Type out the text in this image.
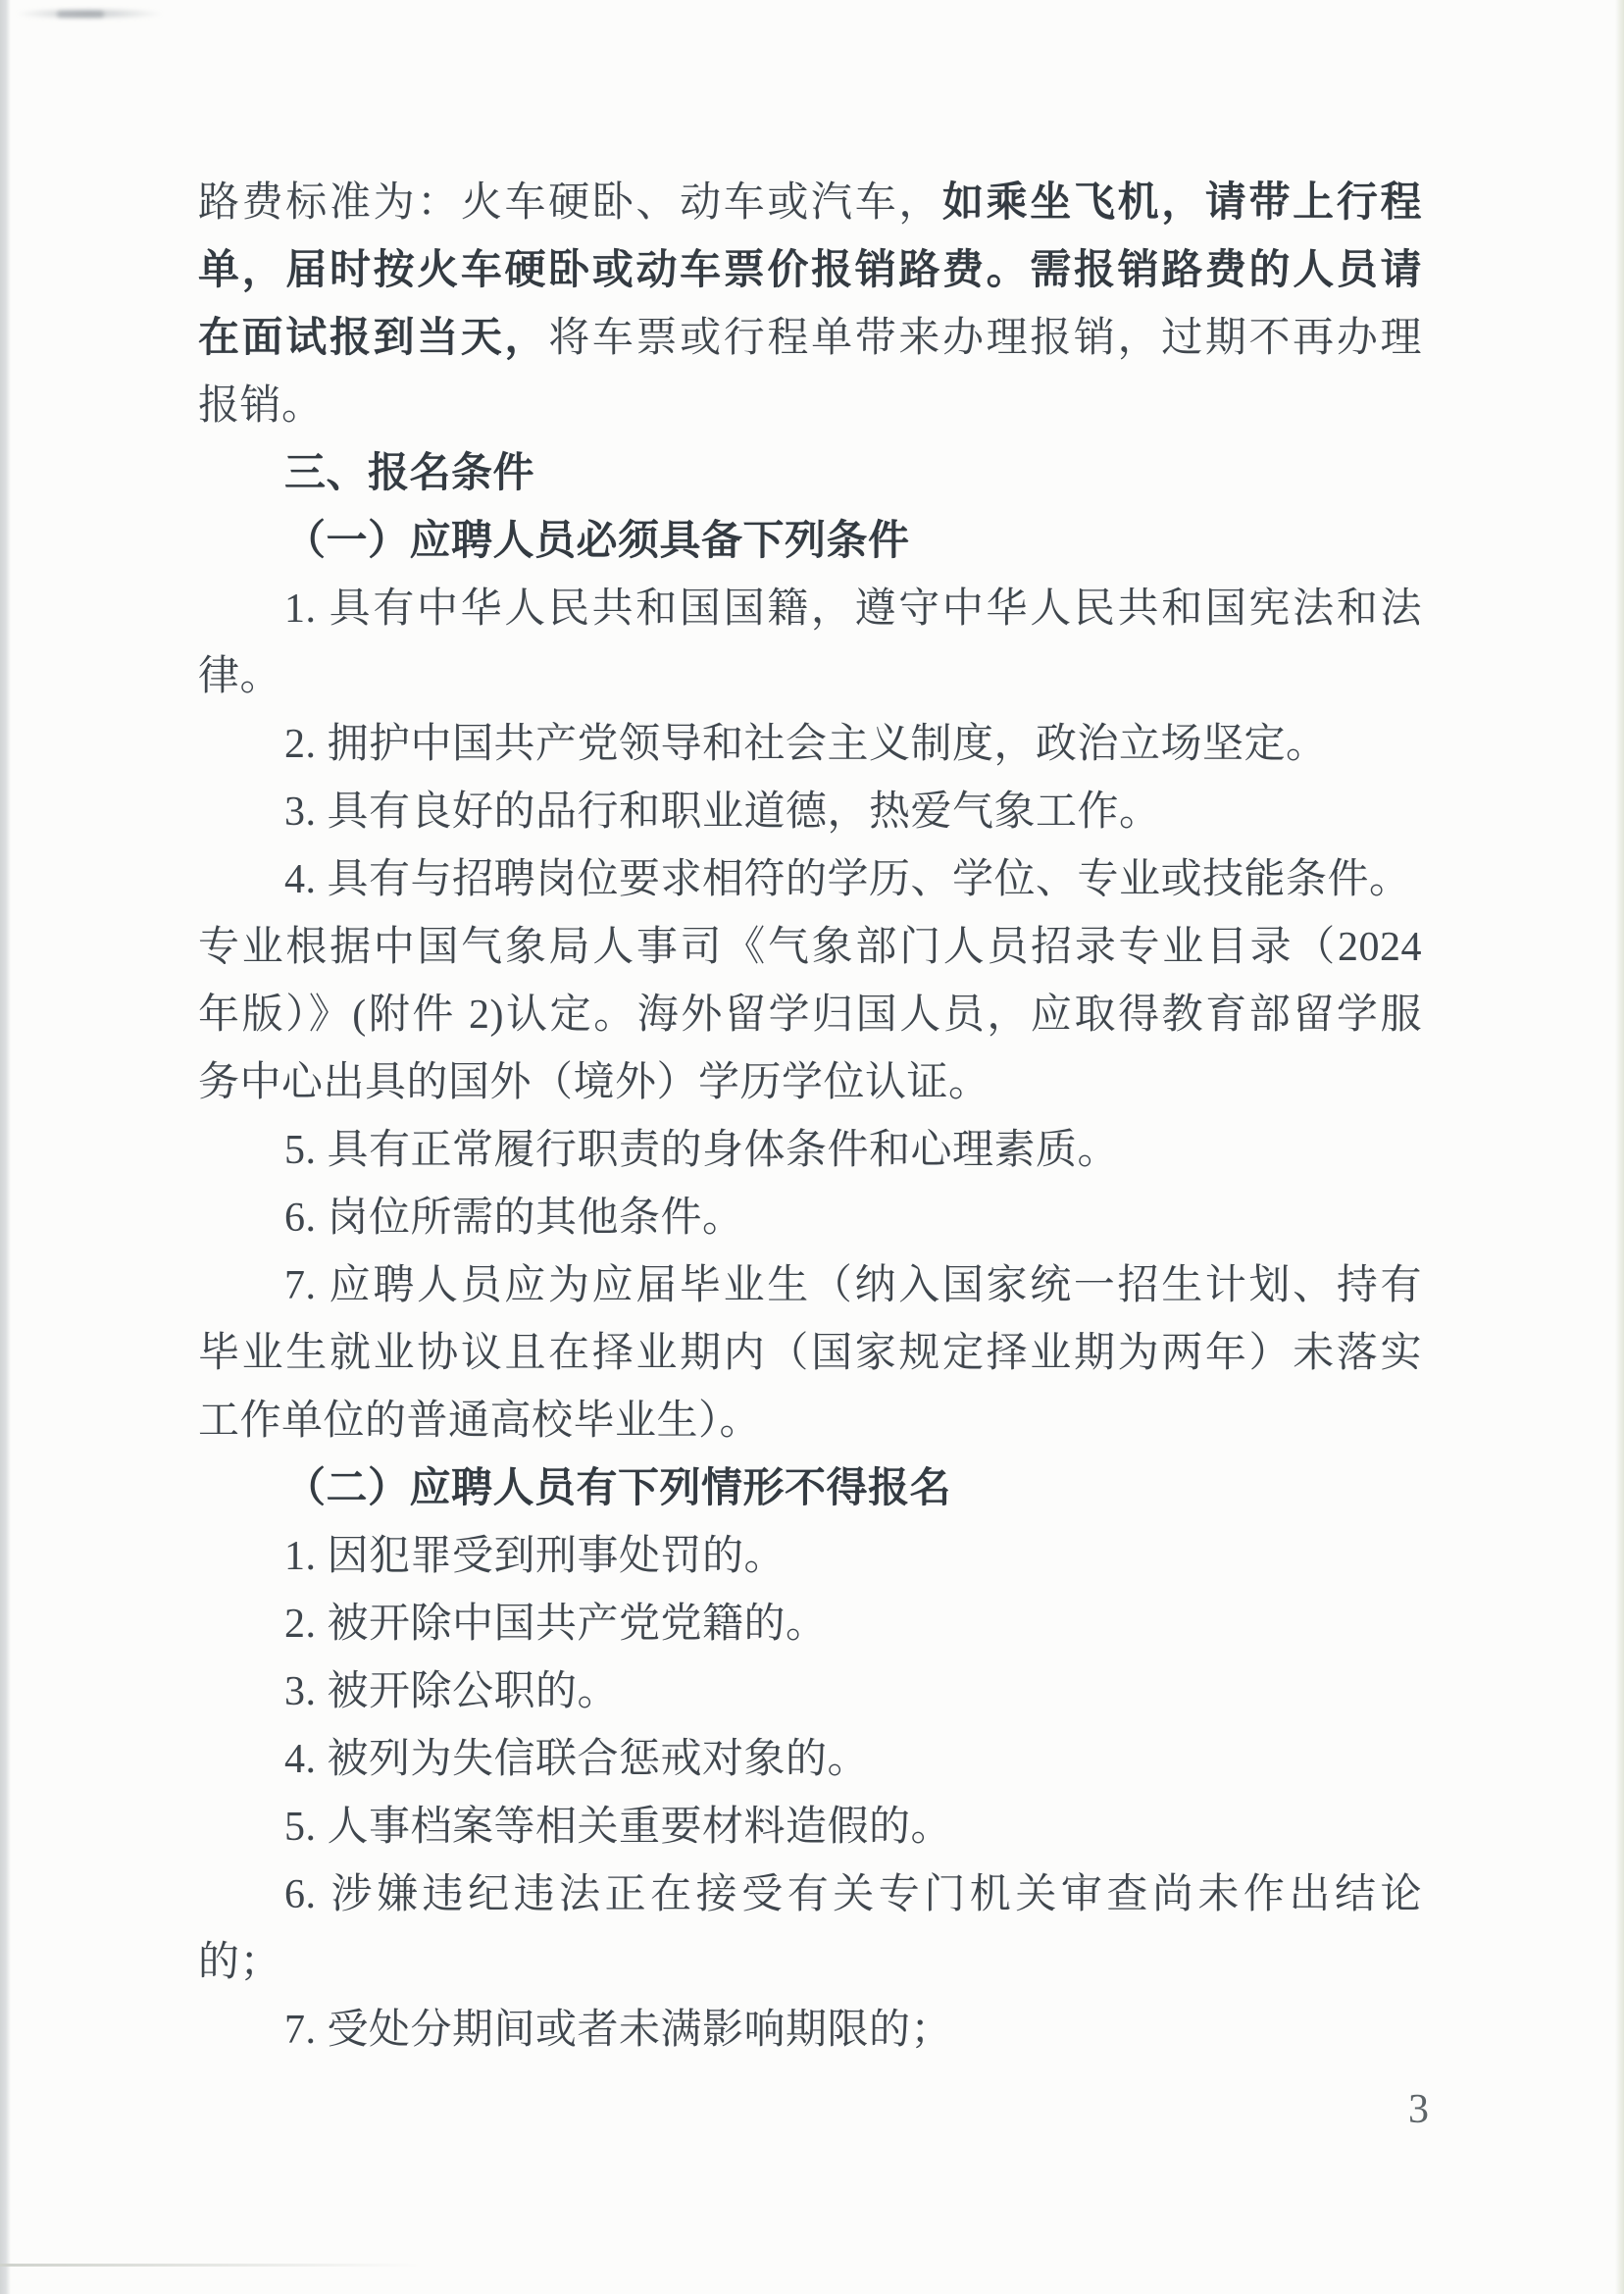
路费标准为：火车硬卧、动车或汽车，如乘坐飞机，请带上行程
单，届时按火车硬卧或动车票价报销路费。需报销路费的人员请
在面试报到当天，将车票或行程单带来办理报销，过期不再办理
报销。
三、报名条件
（一）应聘人员必须具备下列条件
1. 具有中华人民共和国国籍，遵守中华人民共和国宪法和法
律。
2. 拥护中国共产党领导和社会主义制度，政治立场坚定。
3. 具有良好的品行和职业道德，热爱气象工作。
4. 具有与招聘岗位要求相符的学历、学位、专业或技能条件。
专业根据中国气象局人事司《气象部门人员招录专业目录（2024
年版）》(附件 2)认定。海外留学归国人员，应取得教育部留学服
务中心出具的国外（境外）学历学位认证。
5. 具有正常履行职责的身体条件和心理素质。
6. 岗位所需的其他条件。
7. 应聘人员应为应届毕业生（纳入国家统一招生计划、持有
毕业生就业协议且在择业期内（国家规定择业期为两年）未落实
工作单位的普通高校毕业生）。
（二）应聘人员有下列情形不得报名
1. 因犯罪受到刑事处罚的。
2. 被开除中国共产党党籍的。
3. 被开除公职的。
4. 被列为失信联合惩戒对象的。
5. 人事档案等相关重要材料造假的。
6. 涉嫌违纪违法正在接受有关专门机关审查尚未作出结论
的；
7. 受处分期间或者未满影响期限的；
3
